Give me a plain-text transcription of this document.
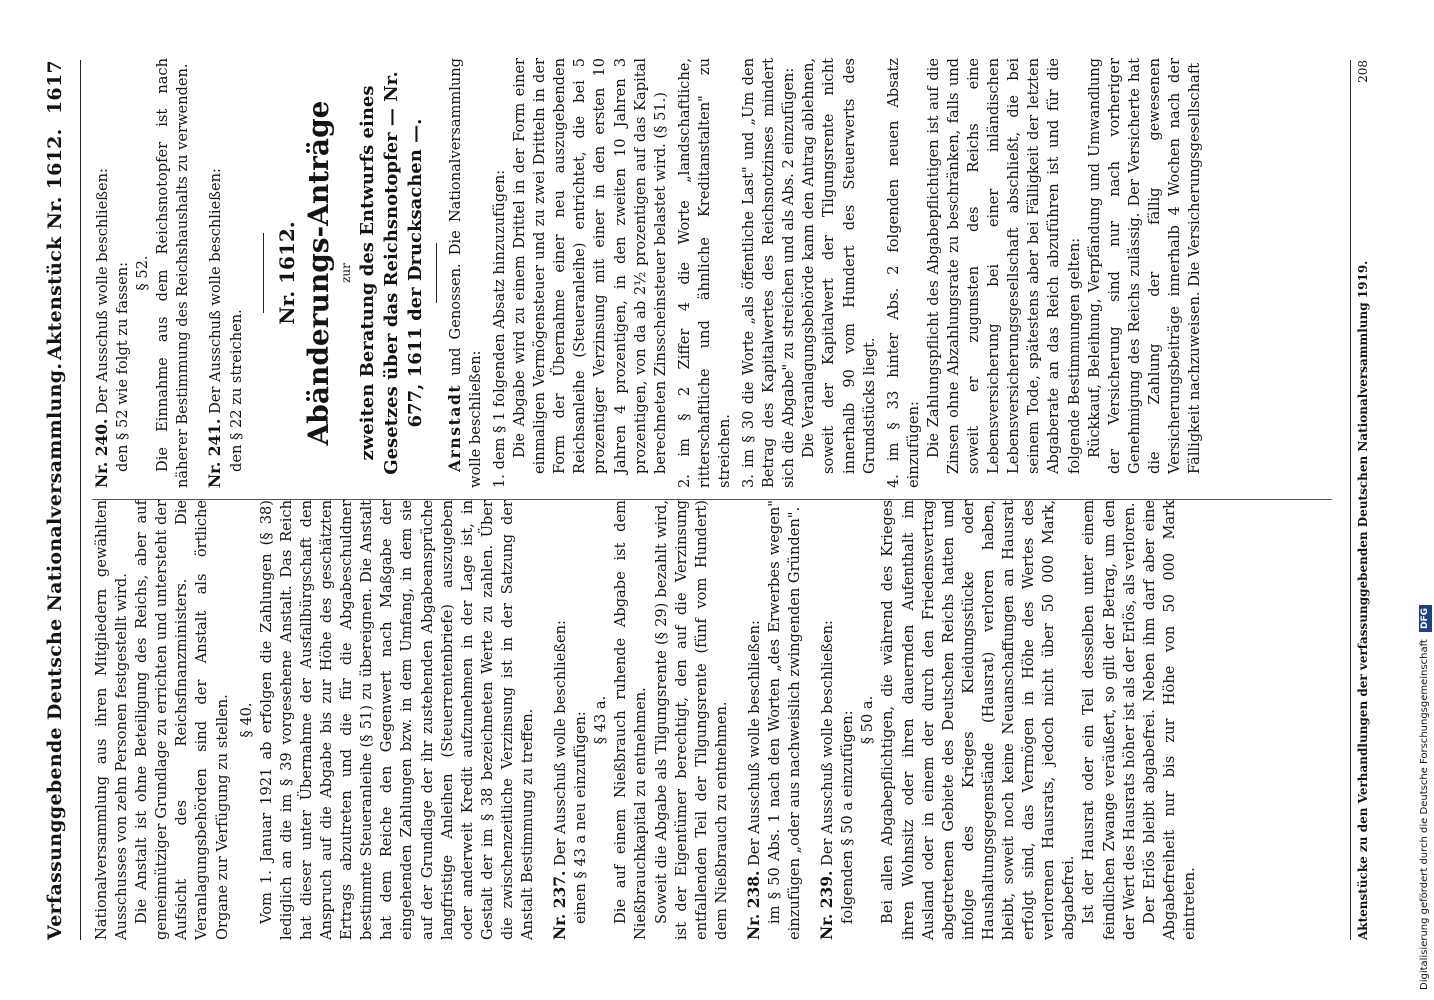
Verfassunggebende Deutsche Nationalversammlung.
Aktenstück Nr. 1612.
1617

Nationalversammlung aus ihren Mitgliedern gewählten Ausschusses von zehn Personen festgestellt wird. Die Anstalt ist ohne Beteiligung des Reichs, aber auf gemeinnütziger Grundlage zu errichten und untersteht der Aufsicht des Reichsfinanzministers. Die Veranlagungsbehörden sind der Anstalt als örtliche Organe zur Verfügung zu stellen. § 40. Vom 1. Januar 1921 ab erfolgen die Zahlungen (§ 38) lediglich an die im § 39 vorgesehene Anstalt. Das Reich hat dieser unter Übernahme der Ausfallbürgschaft den Anspruch auf die Abgabe bis zur Höhe des geschätzten Ertrags abzutreten und die für die Abgabeschuldner bestimmte Steueranleihe (§ 51) zu übereignen. Die Anstalt hat dem Reiche den Gegenwert nach Maßgabe der eingehenden Zahlungen bzw. in dem Umfang, in dem sie auf der Grundlage der ihr zustehenden Abgabeansprüche langfristige Anleihen (Steuerrentenbriefe) auszugeben oder anderweit Kredit aufzunehmen in der Lage ist, in Gestalt der im § 38 bezeichneten Werte zu zahlen. Über die zwischenzeitliche Verzinsung ist in der Satzung der Anstalt Bestimmung zu treffen. Nr. 237. Der Ausschuß wolle beschließen: einen § 43 a neu einzufügen: § 43 a. Die auf einem Nießbrauch ruhende Abgabe ist dem Nießbrauchkapital zu entnehmen. Soweit die Abgabe als Tilgungsrente (§ 29) bezahlt wird, ist der Eigentümer berechtigt, den auf die Verzinsung entfallenden Teil der Tilgungsrente (fünf vom Hundert) dem Nießbrauch zu entnehmen. Nr. 238. Der Ausschuß wolle beschließen: im § 50 Abs. 1 nach den Worten „des Erwerbes wegen" einzufügen „oder aus nachweislich zwingenden Gründen". Nr. 239. Der Ausschuß wolle beschließen: folgenden § 50 a einzufügen: § 50 a. Bei allen Abgabepflichtigen, die während des Krieges ihren Wohnsitz oder ihren dauernden Aufenthalt im Ausland oder in einem der durch den Friedensvertrag abgetretenen Gebiete des Deutschen Reichs hatten und infolge des Krieges Kleidungsstücke oder Haushaltungsgegenstände (Hausrat) verloren haben, bleibt, soweit noch keine Neuanschaffungen an Hausrat erfolgt sind, das Vermögen in Höhe des Wertes des verlorenen Hausrats, jedoch nicht über 50 000 Mark, abgabefrei. Ist der Hausrat oder ein Teil desselben unter einem feindlichen Zwange veräußert, so gilt der Betrag, um den der Wert des Hausrats höher ist als der Erlös, als verloren. Der Erlös bleibt abgabefrei. Neben ihm darf aber eine Abgabefreiheit nur bis zur Höhe von 50 000 Mark eintreten.

Nr. 240. Der Ausschuß wolle beschließen: den § 52 wie folgt zu fassen: § 52. Die Einnahme aus dem Reichsnotopfer ist nach näherer Bestimmung des Reichshaushalts zu verwenden. Nr. 241. Der Ausschuß wolle beschließen: den § 22 zu streichen.

Nr. 1612. Abänderungs-Anträge zur zweiten Beratung des Entwurfs eines Gesetzes über das Reichsnotopfer — Nr. 677, 1611 der Drucksachen —.

Arnstadt und Genossen. Die Nationalversammlung wolle beschließen: 1. dem § 1 folgenden Absatz hinzuzufügen: Die Abgabe wird zu einem Drittel in der Form einer einmaligen Vermögensteuer und zu zwei Dritteln in der Form der Übernahme einer neu auszugebenden Reichsanleihe (Steueranleihe) entrichtet, die bei 5 prozentiger Verzinsung mit einer in den ersten 10 Jahren 4 prozentigen, in den zweiten 10 Jahren 3 prozentigen, von da ab 2½ prozentigen auf das Kapital berechneten Zinsscheinsteuer belastet wird. (§ 51.)

2. im § 2 Ziffer 4 die Worte „landschaftliche, ritterschaftliche und ähnliche Kreditanstalten" zu streichen. 3. im § 30 die Worte „als öffentliche Last" und „Um den Betrag des Kapitalwertes des Reichsnotzinses mindert sich die Abgabe" zu streichen und als Abs. 2 einzufügen: Die Veranlagungsbehörde kann den Antrag ablehnen, soweit der Kapitalwert der Tilgungsrente nicht innerhalb 90 vom Hundert des Steuerwerts des Grundstücks liegt.

4. im § 33 hinter Abs. 2 folgenden neuen Absatz einzufügen: Die Zahlungspflicht des Abgabepflichtigen ist auf die Zinsen ohne Abzahlungsrate zu beschränken, falls und soweit er zugunsten des Reichs eine Lebensversicherung bei einer inländischen Lebensversicherungsgesellschaft abschließt, die bei seinem Tode, spätestens aber bei Fälligkeit der letzten Abgaberate an das Reich abzuführen ist und für die folgende Bestimmungen gelten: Rückkauf, Beleihung, Verpfändung und Umwandlung der Versicherung sind nur nach vorheriger Genehmigung des Reichs zulässig. Der Versicherte hat die Zahlung der fällig gewesenen Versicherungsbeiträge innerhalb 4 Wochen nach der Fälligkeit nachzuweisen. Die Versicherungsgesellschaft	Aktenstücke zu den Verhandlungen der verfassunggebenden Deutschen Nationalversammlung 1919.
208
Digitalisierung gefördert durch die Deutsche Forschungsgemeinschaft DFG
